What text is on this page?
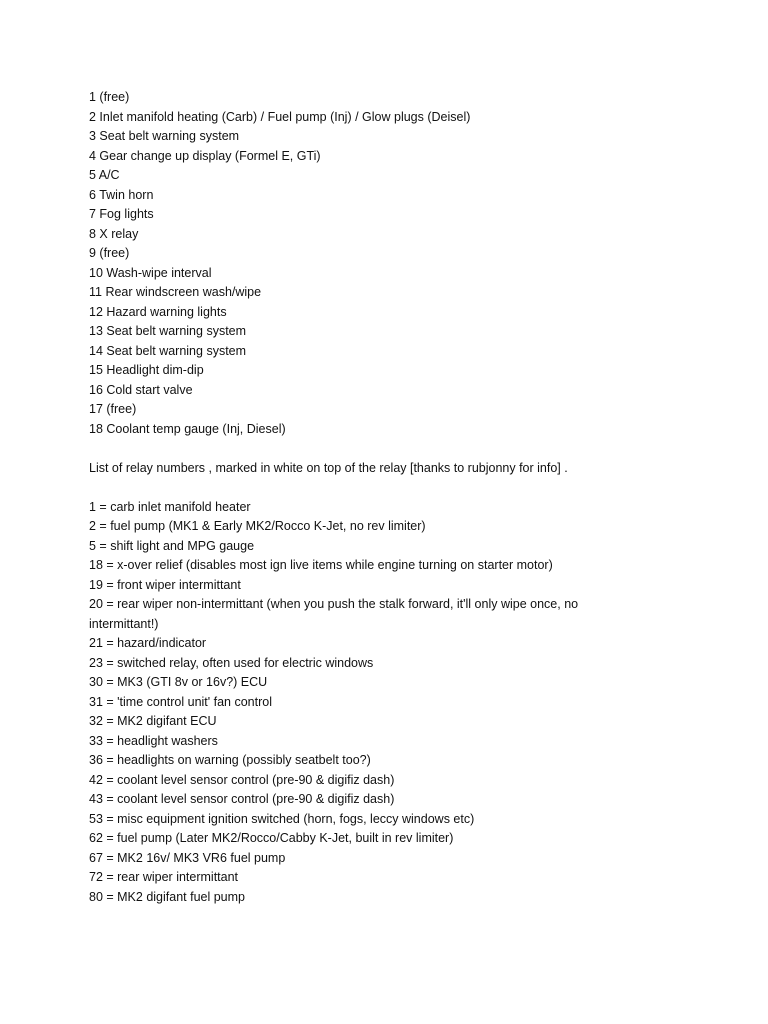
1 (free)
2 Inlet manifold heating (Carb) / Fuel pump (Inj) / Glow plugs (Deisel)
3 Seat belt warning system
4 Gear change up display (Formel E, GTi)
5 A/C
6 Twin horn
7 Fog lights
8 X relay
9 (free)
10 Wash-wipe interval
11 Rear windscreen wash/wipe
12 Hazard warning lights
13 Seat belt warning system
14 Seat belt warning system
15 Headlight dim-dip
16 Cold start valve
17 (free)
18 Coolant temp gauge (Inj, Diesel)
List of relay numbers , marked in white on top of the relay [thanks to rubjonny for info] .
1 = carb inlet manifold heater
2 = fuel pump (MK1 & Early MK2/Rocco K-Jet, no rev limiter)
5 = shift light and MPG gauge
18 = x-over relief (disables most ign live items while engine turning on starter motor)
19 = front wiper intermittant
20 = rear wiper non-intermittant (when you push the stalk forward, it'll only wipe once, no intermittant!)
21 = hazard/indicator
23 = switched relay, often used for electric windows
30 = MK3 (GTI 8v or 16v?) ECU
31 = 'time control unit' fan control
32 = MK2 digifant ECU
33 = headlight washers
36 = headlights on warning (possibly seatbelt too?)
42 = coolant level sensor control (pre-90 & digifiz dash)
43 = coolant level sensor control (pre-90 & digifiz dash)
53 = misc equipment ignition switched (horn, fogs, leccy windows etc)
62 = fuel pump (Later MK2/Rocco/Cabby K-Jet, built in rev limiter)
67 = MK2 16v/ MK3 VR6 fuel pump
72 = rear wiper intermittant
80 = MK2 digifant fuel pump
